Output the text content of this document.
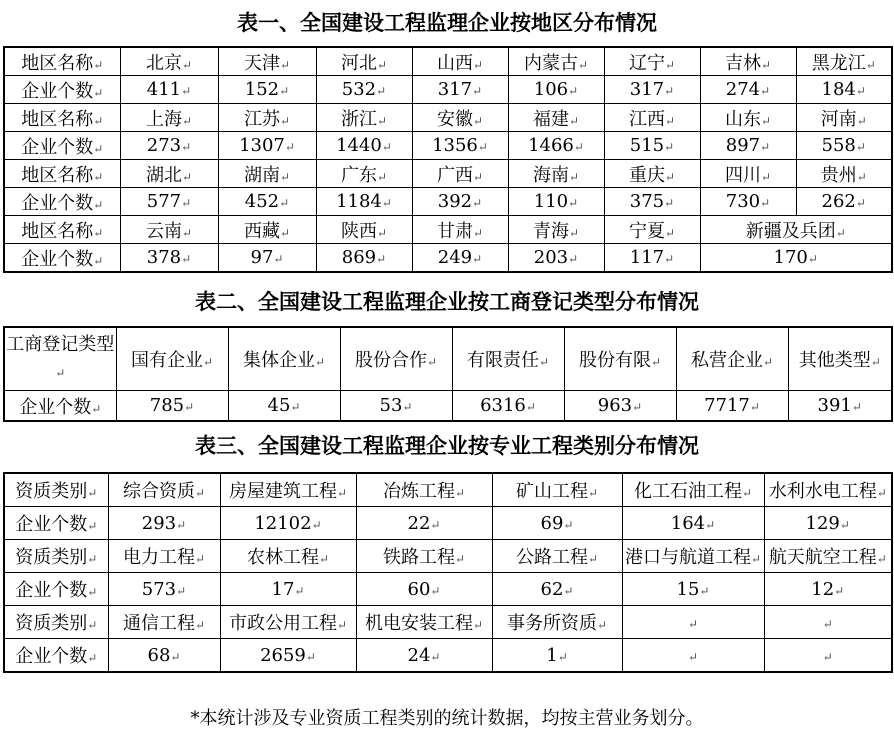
表一、全国建设工程监理企业按地区分布情况
地区名称↵	北京↵	天津↵	河北↵	山西↵	内蒙古↵	辽宁↵	吉林↵	黑龙江↵
企业个数↵	411↵	152↵	532↵	317↵	106↵	317↵	274↵	184↵
地区名称↵	上海↵	江苏↵	浙江↵	安徽↵	福建↵	江西↵	山东↵	河南↵
企业个数↵	273↵	1307↵	1440↵	1356↵	1466↵	515↵	897↵	558↵
地区名称↵	湖北↵	湖南↵	广东↵	广西↵	海南↵	重庆↵	四川↵	贵州↵
企业个数↵	577↵	452↵	1184↵	392↵	110↵	375↵	730↵	262↵
地区名称↵	云南↵	西藏↵	陕西↵	甘肃↵	青海↵	宁夏↵	新疆及兵团↵	
企业个数↵	378↵	97↵	869↵	249↵	203↵	117↵	170↵	
表二、全国建设工程监理企业按工商登记类型分布情况
工商登记类型↵	国有企业↵	集体企业↵	股份合作↵	有限责任↵	股份有限↵	私营企业↵	其他类型↵
企业个数↵	785↵	45↵	53↵	6316↵	963↵	7717↵	391↵
表三、全国建设工程监理企业按专业工程类别分布情况
资质类别↵	综合资质↵	房屋建筑工程↵	冶炼工程↵	矿山工程↵	化工石油工程↵	水利水电工程↵
企业个数↵	293↵	12102↵	22↵	69↵	164↵	129↵
资质类别↵	电力工程↵	农林工程↵	铁路工程↵	公路工程↵	港口与航道工程↵	航天航空工程↵
企业个数↵	573↵	17↵	60↵	62↵	15↵	12↵
资质类别↵	通信工程↵	市政公用工程↵	机电安装工程↵	事务所资质↵	↵	↵
企业个数↵	68↵	2659↵	24↵	1↵	↵	↵
*本统计涉及专业资质工程类别的统计数据，均按主营业务划分。
